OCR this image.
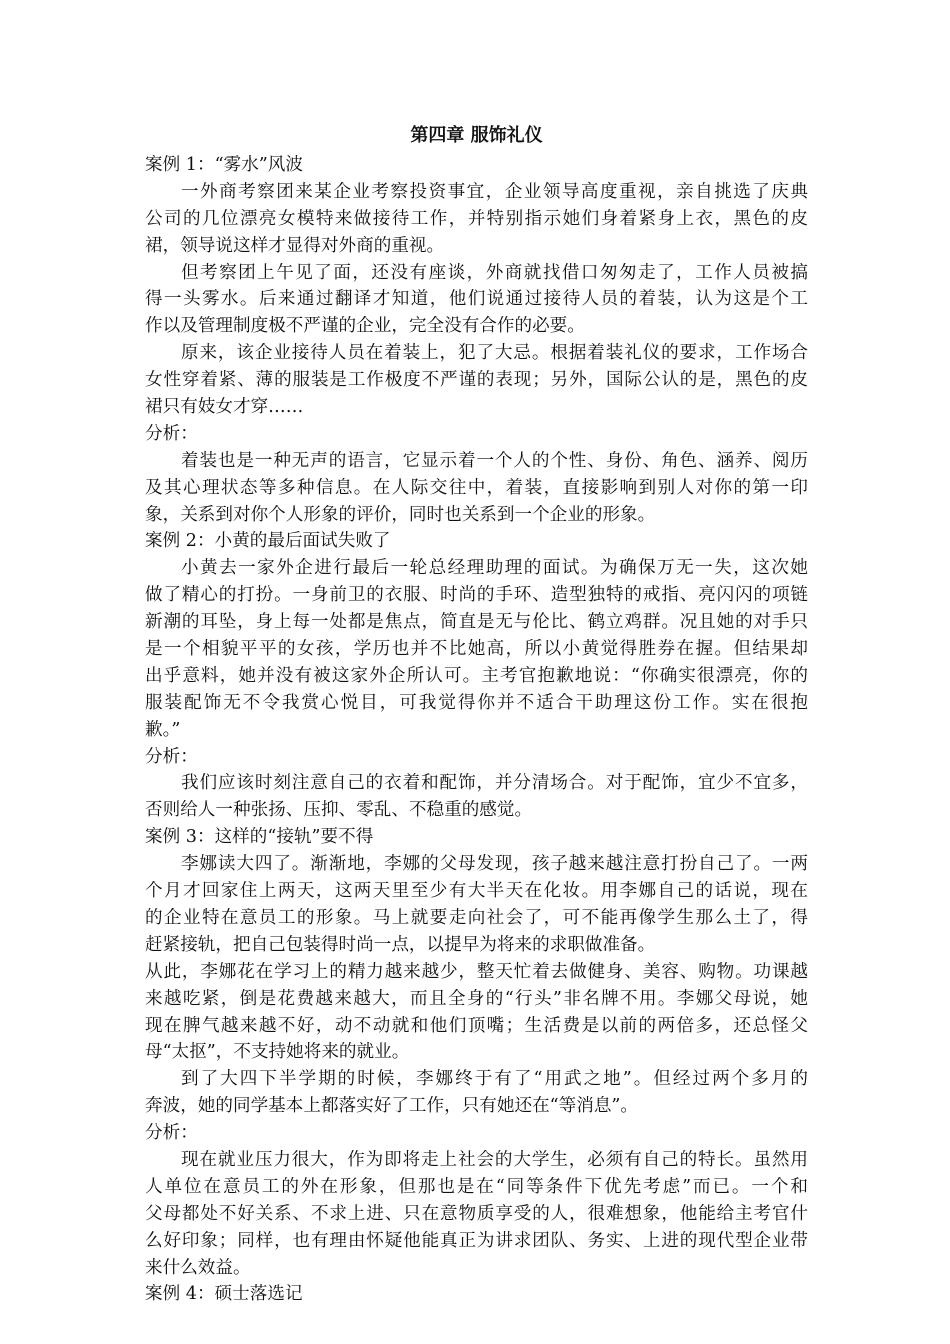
第四章 服饰礼仪
案例 1：“雾水”风波
一外商考察团来某企业考察投资事宜，企业领导高度重视，亲自挑选了庆典
公司的几位漂亮女模特来做接待工作，并特别指示她们身着紧身上衣，黑色的皮
裙，领导说这样才显得对外商的重视。
但考察团上午见了面，还没有座谈，外商就找借口匆匆走了，工作人员被搞
得一头雾水。后来通过翻译才知道，他们说通过接待人员的着装，认为这是个工
作以及管理制度极不严谨的企业，完全没有合作的必要。
原来，该企业接待人员在着装上，犯了大忌。根据着装礼仪的要求，工作场合
女性穿着紧、薄的服装是工作极度不严谨的表现；另外，国际公认的是，黑色的皮
裙只有妓女才穿……
分析：
着装也是一种无声的语言，它显示着一个人的个性、身份、角色、涵养、阅历
及其心理状态等多种信息。在人际交往中，着装，直接影响到别人对你的第一印
象，关系到对你个人形象的评价，同时也关系到一个企业的形象。
案例 2：小黄的最后面试失败了
小黄去一家外企进行最后一轮总经理助理的面试。为确保万无一失，这次她
做了精心的打扮。一身前卫的衣服、时尚的手环、造型独特的戒指、亮闪闪的项链
新潮的耳坠，身上每一处都是焦点，简直是无与伦比、鹤立鸡群。况且她的对手只
是一个相貌平平的女孩，学历也并不比她高，所以小黄觉得胜券在握。但结果却
出乎意料，她并没有被这家外企所认可。主考官抱歉地说：“你确实很漂亮，你的
服装配饰无不令我赏心悦目，可我觉得你并不适合干助理这份工作。实在很抱
歉。”
分析：
我们应该时刻注意自己的衣着和配饰，并分清场合。对于配饰，宜少不宜多，
否则给人一种张扬、压抑、零乱、不稳重的感觉。
案例 3：这样的“接轨”要不得
李娜读大四了。渐渐地，李娜的父母发现，孩子越来越注意打扮自己了。一两
个月才回家住上两天，这两天里至少有大半天在化妆。用李娜自己的话说，现在
的企业特在意员工的形象。马上就要走向社会了，可不能再像学生那么土了，得
赶紧接轨，把自己包装得时尚一点，以提早为将来的求职做准备。
从此，李娜花在学习上的精力越来越少，整天忙着去做健身、美容、购物。功课越
来越吃紧，倒是花费越来越大，而且全身的“行头”非名牌不用。李娜父母说，她
现在脾气越来越不好，动不动就和他们顶嘴；生活费是以前的两倍多，还总怪父
母“太抠”，不支持她将来的就业。
到了大四下半学期的时候，李娜终于有了“用武之地”。但经过两个多月的
奔波，她的同学基本上都落实好了工作，只有她还在“等消息”。
分析：
现在就业压力很大，作为即将走上社会的大学生，必须有自己的特长。虽然用
人单位在意员工的外在形象，但那也是在“同等条件下优先考虑”而已。一个和
父母都处不好关系、不求上进、只在意物质享受的人，很难想象，他能给主考官什
么好印象；同样，也有理由怀疑他能真正为讲求团队、务实、上进的现代型企业带
来什么效益。
案例 4：硕士落选记
